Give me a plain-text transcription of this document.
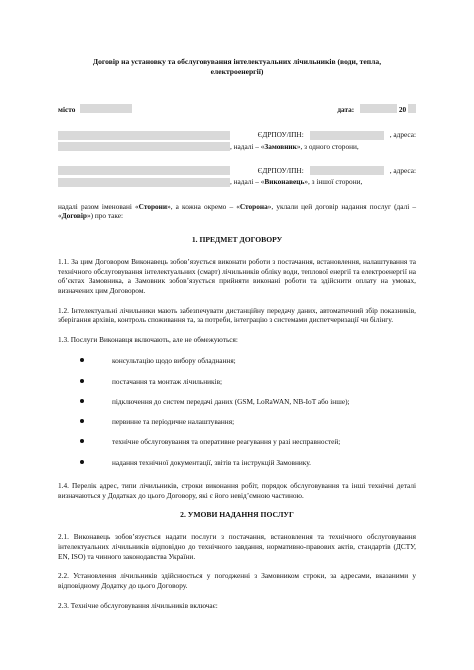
Договір на установку та обслуговування інтелектуальних лічильників (води, тепла,
електроенергії)
місто	дата:	20
ЄДРПОУ/ІПН:	, адреса:
, надалі – «Замовник», з одного сторони,
ЄДРПОУ/ІПН:	, адреса:
, надалі – «Виконавець», з іншої сторони,

надалі разом іменовані «Сторони», а кожна окремо – «Сторона», уклали цей договір надання послуг (далі – «Договір») про таке:

1. ПРЕДМЕТ ДОГОВОРУ

1.1. За цим Договором Виконавець зобов’язується виконати роботи з постачання, встановлення, налаштування та технічного обслуговування інтелектуальних (смарт) лічильників обліку води, теплової енергії та електроенергії на об’єктах Замовника, а Замовник зобов’язується прийняти виконані роботи та здійснити оплату на умовах, визначених цим Договором.

1.2. Інтелектуальні лічильники мають забезпечувати дистанційну передачу даних, автоматичний збір показників, зберігання архівів, контроль споживання та, за потреби, інтеграцію з системами диспетчеризації чи білінгу.

1.3. Послуги Виконавця включають, але не обмежуються:

консультацію щодо вибору обладнання;
постачання та монтаж лічильників;
підключення до систем передачі даних (GSM, LoRaWAN, NB-IoT або інше);
первинне та періодичне налаштування;
технічне обслуговування та оперативне реагування у разі несправностей;
надання технічної документації, звітів та інструкцій Замовнику.

1.4. Перелік адрес, типи лічильників, строки виконання робіт, порядок обслуговування та інші технічні деталі визначаються у Додатках до цього Договору, які є його невід’ємною частиною.

2. УМОВИ НАДАННЯ ПОСЛУГ

2.1. Виконавець зобов’язується надати послуги з постачання, встановлення та технічного обслуговування інтелектуальних лічильників відповідно до технічного завдання, нормативно-правових актів, стандартів (ДСТУ, EN, ISO) та чинного законодавства України.

2.2. Установлення лічильників здійснюється у погодженні з Замовником строки, за адресами, вказаними у відповідному Додатку до цього Договору.

2.3. Технічне обслуговування лічильників включає:
